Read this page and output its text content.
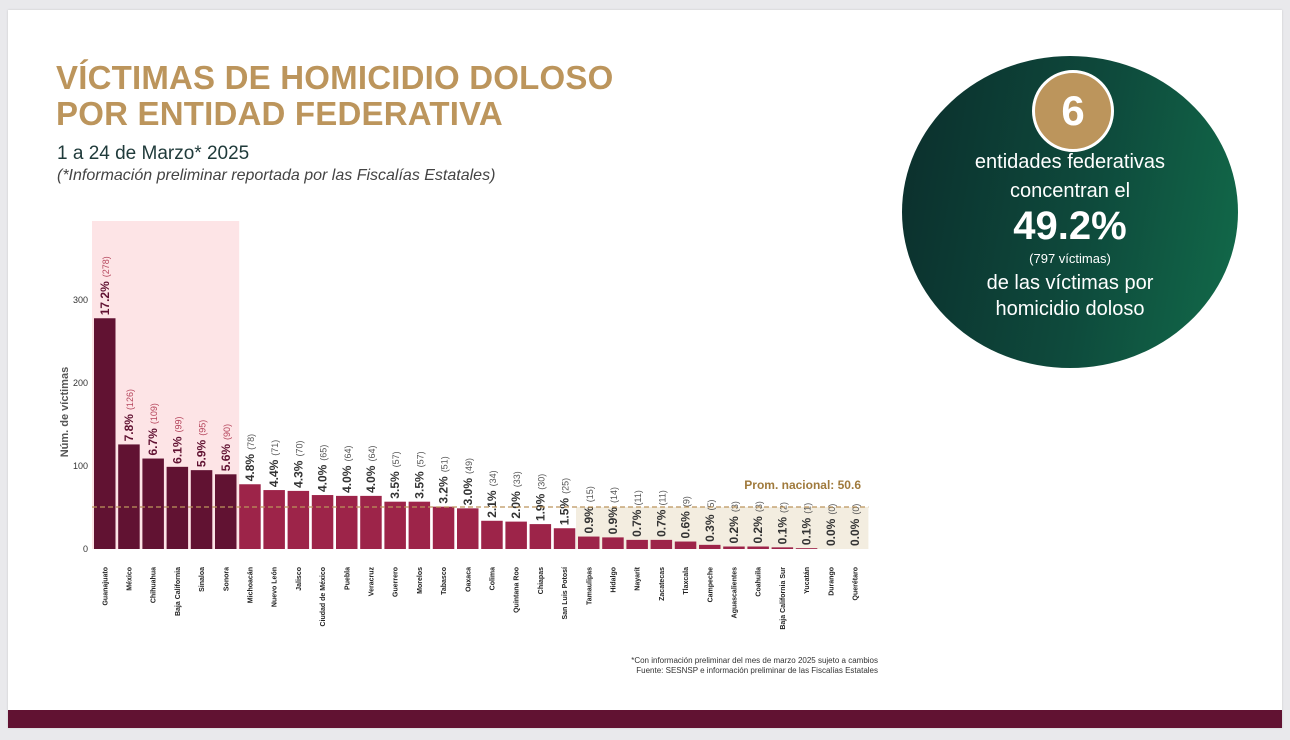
VÍCTIMAS DE HOMICIDIO DOLOSO
POR ENTIDAD FEDERATIVA
1 a 24 de Marzo* 2025
(*Información preliminar reportada por las Fiscalías Estatales)
0
100
200
300
Núm. de víctimas
17.2%(278)
Guanajuato
7.8%(126)
México
6.7%(109)
Chihuahua
6.1%(99)
Baja California
5.9%(95)
Sinaloa
5.6%(90)
Sonora
4.8%(78)
Michoacán
4.4%(71)
Nuevo León
4.3%(70)
Jalisco
4.0%(65)
Ciudad de México
4.0%(64)
Puebla
4.0%(64)
Veracruz
3.5%(57)
Guerrero
3.5%(57)
Morelos
3.2%(51)
Tabasco
3.0%(49)
Oaxaca
2.1%(34)
Colima
2.0%(33)
Quintana Roo
1.9%(30)
Chiapas
1.5%(25)
San Luis Potosí
0.9%(15)
Tamaulipas
0.9%(14)
Hidalgo
0.7%(11)
Nayarit
0.7%(11)
Zacatecas
0.6%(9)
Tlaxcala
0.3%(5)
Campeche
0.2%(3)
Aguascalientes
0.2%(3)
Coahuila
0.1%(2)
Baja California Sur
0.1%(1)
Yucatán
0.0%(0)
Durango
0.0%(0)
Querétaro
Prom. nacional: 50.6
*Con información preliminar del mes de marzo 2025 sujeto a cambios
Fuente: SESNSP e información preliminar de las Fiscalías Estatales
6
entidades federativas
concentran el
49.2%
(797 víctimas)
de las víctimas por
homicidio doloso
